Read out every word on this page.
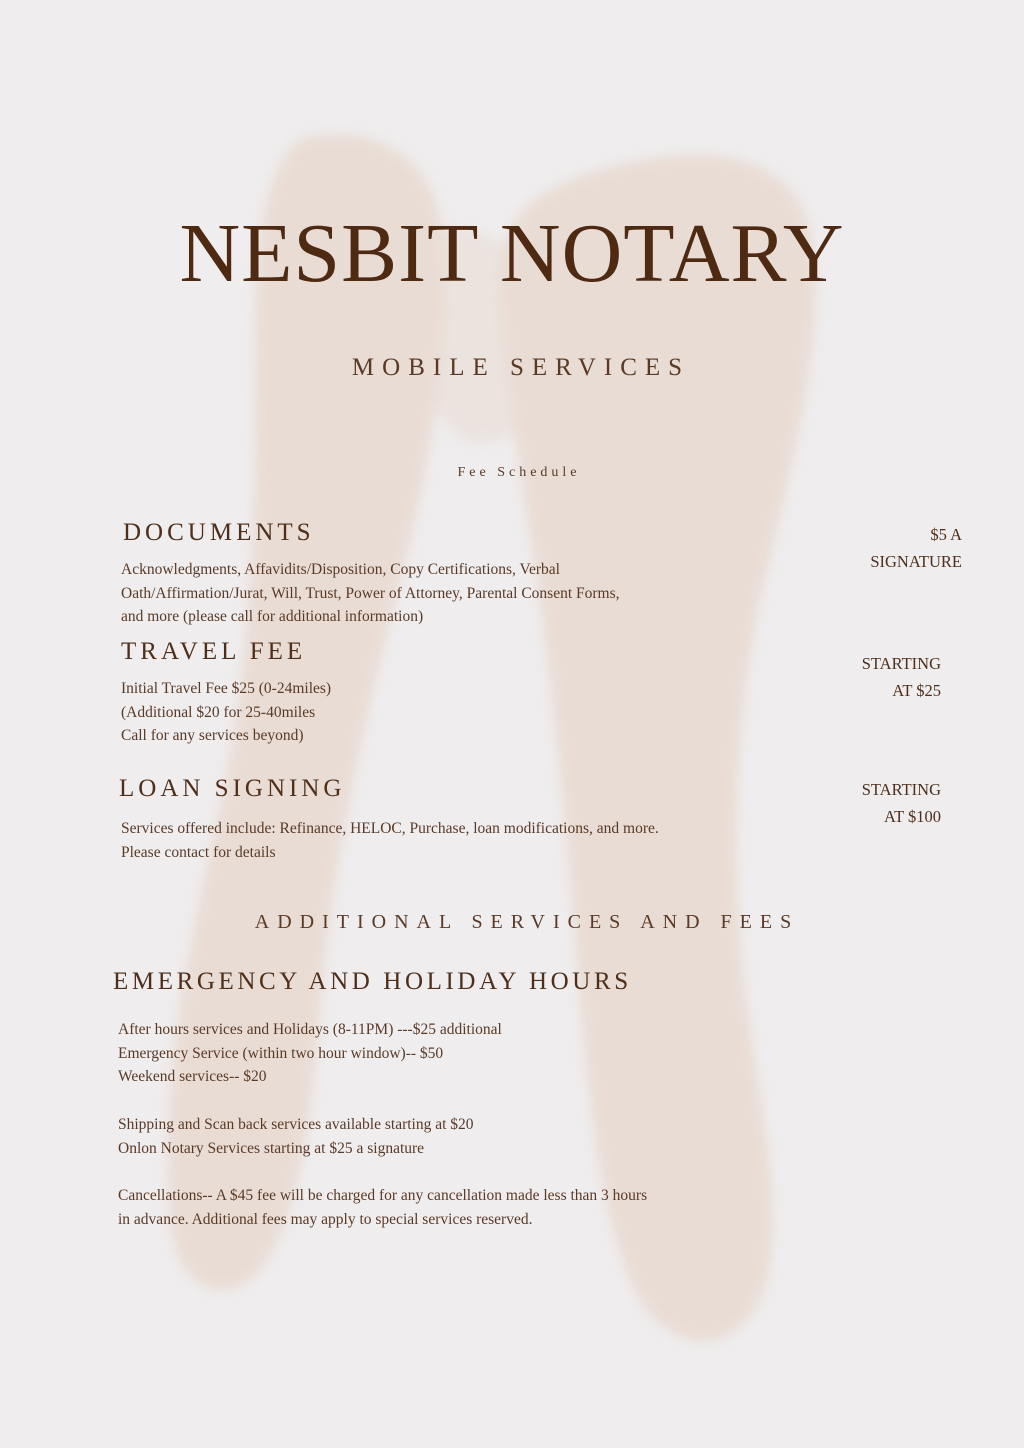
NESBIT NOTARY
MOBILE SERVICES
Fee Schedule
DOCUMENTS
Acknowledgments, Affavidits/Disposition, Copy Certifications, Verbal
Oath/Affirmation/Jurat, Will, Trust, Power of Attorney, Parental Consent Forms,
and more (please call for additional information)
$5 A
SIGNATURE
TRAVEL FEE
Initial Travel Fee $25 (0-24miles)
(Additional $20 for 25-40miles
Call for any services beyond)
STARTING
AT $25
LOAN SIGNING
Services offered include: Refinance, HELOC, Purchase, loan modifications, and more.
Please contact for details
STARTING
AT $100
ADDITIONAL SERVICES AND FEES
EMERGENCY AND HOLIDAY HOURS
After hours services and Holidays (8-11PM) ---$25 additional
Emergency Service (within two hour window)-- $50
Weekend services-- $20
Shipping and Scan back services available starting at $20
Onlon Notary Services starting at $25 a signature
Cancellations-- A $45 fee will be charged for any cancellation made less than 3 hours
in advance. Additional fees may apply to special services reserved.
